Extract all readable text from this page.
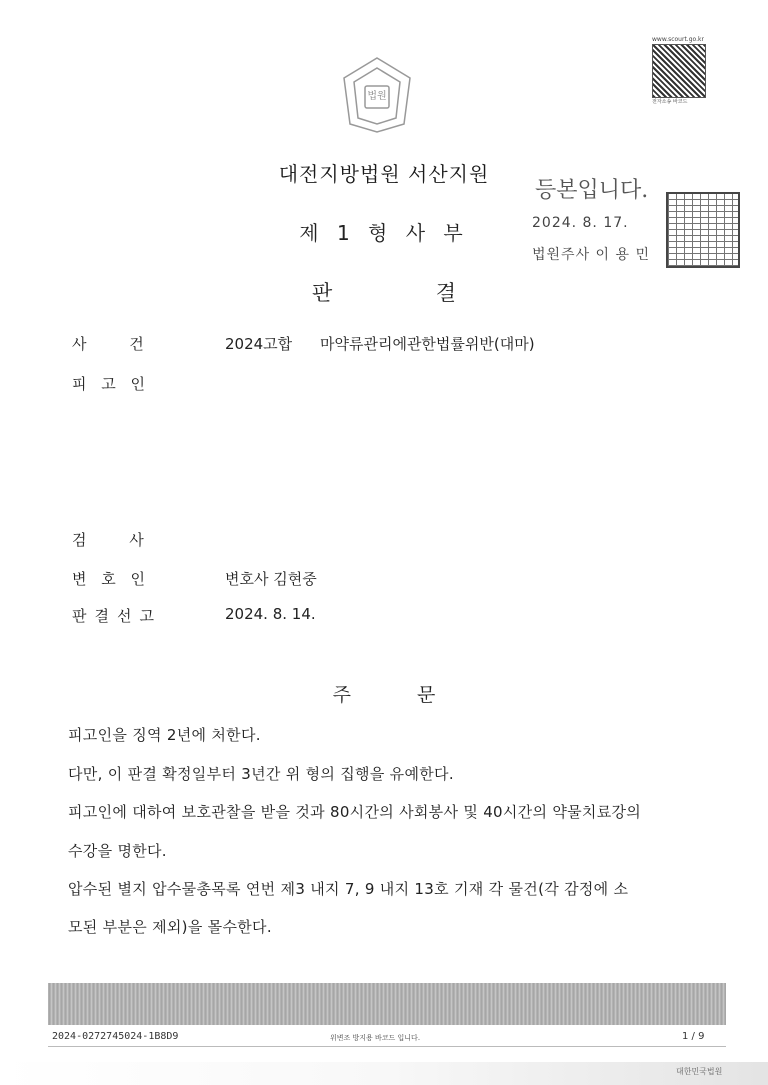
법원
www.scourt.go.kr
전자소송 바코드
대전지방법원 서산지원
제 1 형 사 부
판	결
등본입니다.
2024. 8. 17.
법원주사 이 용 민
사 건	2024고합 마약류관리에관한법률위반(대마)
피 고 인
검 사
변 호 인	변호사 김현중
판결선고	2024. 8. 14.
주	문
피고인을 징역 2년에 처한다.
다만, 이 판결 확정일부터 3년간 위 형의 집행을 유예한다.
피고인에 대하여 보호관찰을 받을 것과 80시간의 사회봉사 및 40시간의 약물치료강의
수강을 명한다.
압수된 별지 압수물총목록 연번 제3 내지 7, 9 내지 13호 기재 각 물건(각 감정에 소
모된 부분은 제외)을 몰수한다.
2024-0272745024-1B8D9	위변조 방지용 바코드 입니다.	1 / 9
대한민국법원
